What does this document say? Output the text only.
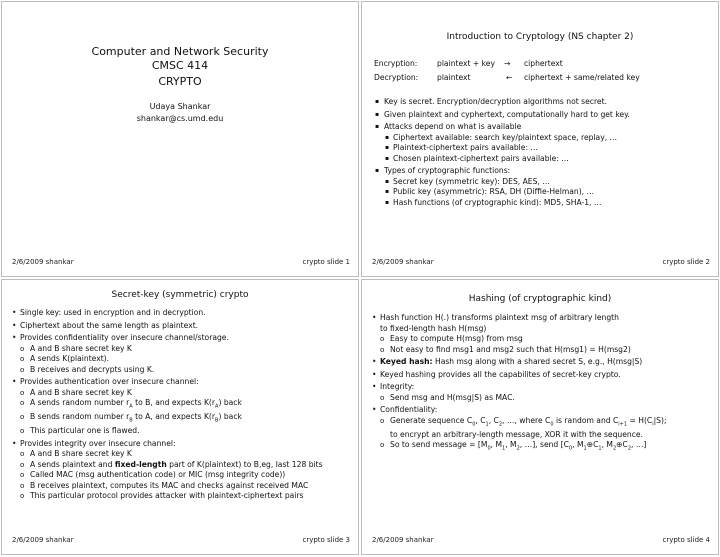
Computer and Network Security
CMSC 414
CRYPTO
Udaya Shankar
shankar@cs.umd.edu
2/6/2009 shankar	crypto slide 1
Introduction to Cryptology (NS chapter 2)
Encryption:	plaintext + key → ciphertext
Decryption: plaintext	← ciphertext + same/related key
▪ Key is secret. Encryption/decryption algorithms not secret.
▪ Given plaintext and cyphertext, computationally hard to get key.
▪ Attacks depend on what is available
▪ Ciphertext available: search key/plaintext space, replay, …
▪ Plaintext-ciphertext pairs available: …
▪ Chosen plaintext-ciphertext pairs available: …
▪ Types of cryptographic functions:
▪ Secret key (symmetric key): DES, AES, …
▪ Public key (asymmetric): RSA, DH (Diffie-Helman), …
▪ Hash functions (of cryptographic kind): MD5, SHA-1, …
2/6/2009 shankar	crypto slide 2
Secret-key (symmetric) crypto
• Single key: used in encryption and in decryption.
• Ciphertext about the same length as plaintext.
• Provides confidentiality over insecure channel/storage.
o A and B share secret key K
o A sends K(plaintext).
o B receives and decrypts using K.
• Provides authentication over insecure channel:
o A and B share secret key K
o A sends random number $r_A$ to B, and expects $K(r_A)$ back
o B sends random number $r_B$ to A, and expects $K(r_B)$ back
o This particular one is flawed.
• Provides integrity over insecure channel:
o A and B share secret key K
o A sends plaintext and fixed-length part of K(plaintext) to B,eg, last 128 bits
o Called MAC (msg authentication code) or MIC (msg integrity code))
o B receives plaintext, computes its MAC and checks against received MAC
o This particular protocol provides attacker with plaintext-ciphertext pairs
2/6/2009 shankar	crypto slide 3
Hashing (of cryptographic kind)
• Hash function H(.) transforms plaintext msg of arbitrary length
to fixed-length hash H(msg)
o Easy to compute H(msg) from msg
o Not easy to find msg1 and msg2 such that H(msg1) = H(msg2)
• Keyed hash: Hash msg along with a shared secret S, e.g., H(msg|S)
• Keyed hashing provides all the capabilites of secret-key crypto.
• Integrity:
o Send msg and H(msg|S) as MAC.
• Confidentiality:
o Generate sequence $C_0$, $C_1$, $C_2$, …, where $C_0$ is random and $C_{i+1} = H(C_i|S)$;
to encrypt an arbitrary-length message, XOR it with the sequence.
o So to send message = [$M_0$, $M_1$, $M_2$, …], send [$C_0$, $M_1\oplus C_1$, $M_2\oplus C_2$, …]
2/6/2009 shankar	crypto slide 4
